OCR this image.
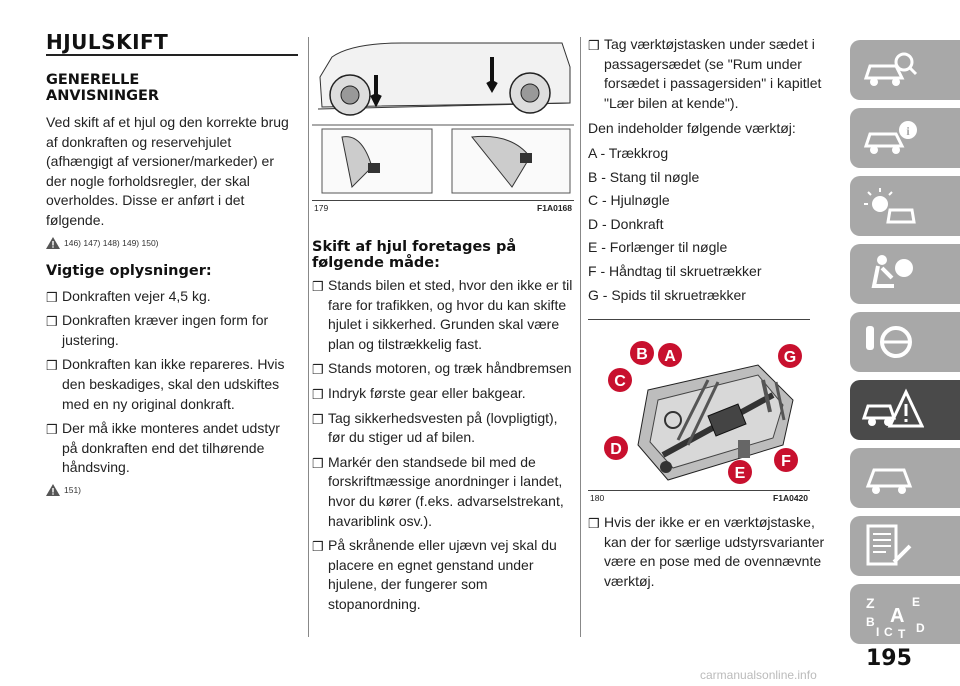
HJULSKIFT
GENERELLE ANVISNINGER

Ved skift af et hjul og den korrekte brug af donkraften og reservehjulet (afhængigt af versioner/markeder) er der nogle forholdsregler, der skal overholdes. Disse er anført i det følgende.

146) 147) 148) 149) 150)
Vigtige oplysninger:
❒ Donkraften vejer 4,5 kg.
❒ Donkraften kræver ingen form for justering.
❒ Donkraften kan ikke repareres. Hvis den beskadiges, skal den udskiftes med en ny original donkraft.
❒ Der må ikke monteres andet udstyr på donkraften end det tilhørende håndsving.
151)
179	F1A0168
Skift af hjul foretages på følgende måde:
❒ Stands bilen et sted, hvor den ikke er til fare for trafikken, og hvor du kan skifte hjulet i sikkerhed. Grunden skal være plan og tilstrækkelig fast.
❒ Stands motoren, og træk håndbremsen
❒ Indryk første gear eller bakgear.
❒ Tag sikkerhedsvesten på (lovpligtigt), før du stiger ud af bilen.
❒ Markér den standsede bil med de forskriftmæssige anordninger i landet, hvor du kører (f.eks. advarselstrekant, havariblink osv.).
❒ På skrånende eller ujævn vej skal du placere en egnet genstand under hjulene, der fungerer som stopanordning.
❒ Tag værktøjstasken under sædet i passagersædet (se "Rum under forsædet i passagersiden" i kapitlet "Lær bilen at kende").

Den indeholder følgende værktøj:

A - Trækkrog

B - Stang til nøgle

C - Hjulnøgle

D - Donkraft

E - Forlænger til nøgle

F - Håndtag til skruetrækker

G - Spids til skruetrækker

A
B
C
D
E
F
G
180	F1A0420
❒ Hvis der ikke er en værktøjstaske, kan der for særlige udstyrsvarianter være en pose med de ovennævnte værktøj.
i
Z	E
B A
I C T D
195
carmanualsonline.info
